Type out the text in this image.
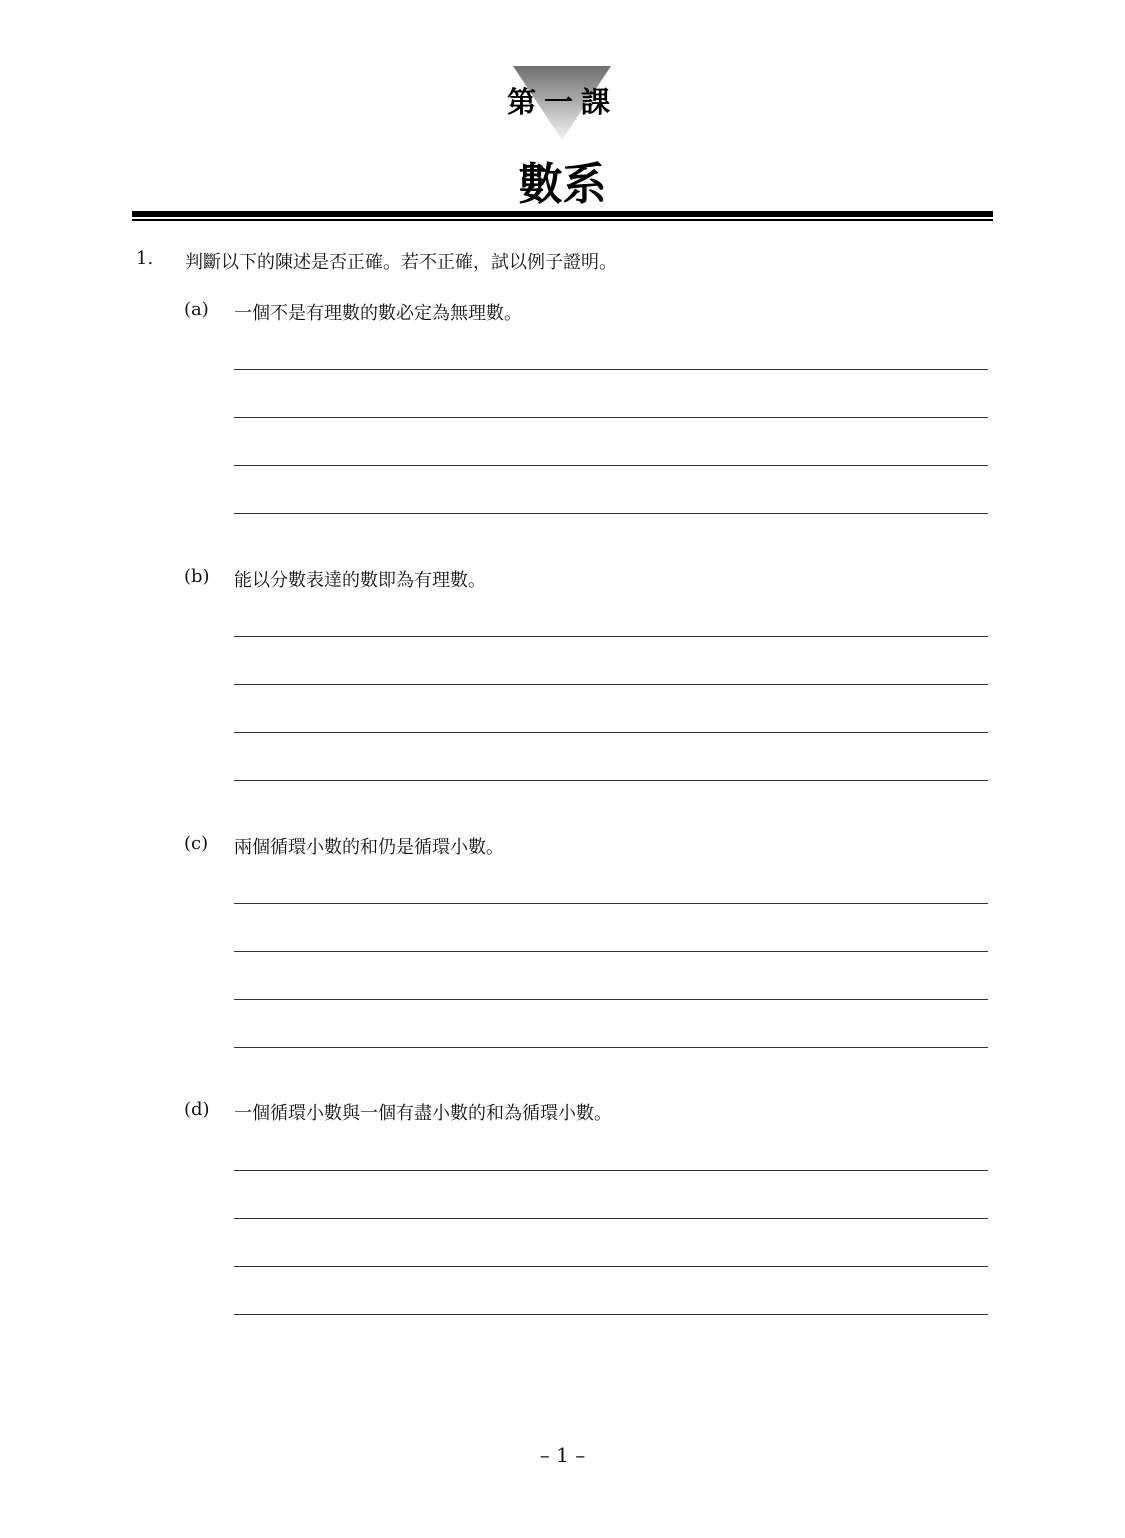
第一課
數系
1. 判斷以下的陳述是否正確。若不正確，試以例子證明。
(a) 一個不是有理數的數必定為無理數。
(b) 能以分數表達的數即為有理數。
(c) 兩個循環小數的和仍是循環小數。
(d) 一個循環小數與一個有盡小數的和為循環小數。
– 1 –
